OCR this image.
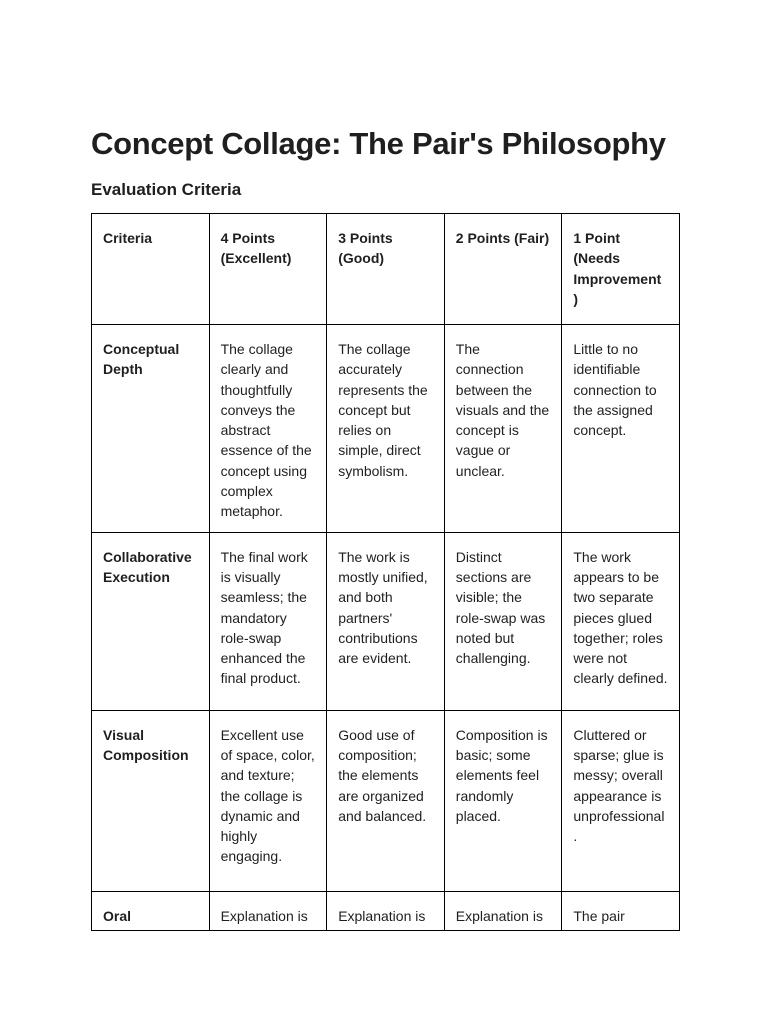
Concept Collage: The Pair's Philosophy
Evaluation Criteria
Criteria	4 Points (Excellent)	3 Points (Good)	2 Points (Fair)	1 Point (Needs Improvement )
Conceptual Depth	The collage clearly and thoughtfully conveys the abstract essence of the concept using complex metaphor.	The collage accurately represents the concept but relies on simple, direct symbolism.	The connection between the visuals and the concept is vague or unclear.	Little to no identifiable connection to the assigned concept.
Collaborative Execution	The final work is visually seamless; the mandatory role-swap enhanced the final product.	The work is mostly unified, and both partners' contributions are evident.	Distinct sections are visible; the role-swap was noted but challenging.	The work appears to be two separate pieces glued together; roles were not clearly defined.
Visual Composition	Excellent use of space, color, and texture; the collage is dynamic and highly engaging.	Good use of composition; the elements are organized and balanced.	Composition is basic; some elements feel randomly placed.	Cluttered or sparse; glue is messy; overall appearance is unprofessional .
Oral	Explanation is	Explanation is	Explanation is	The pair
